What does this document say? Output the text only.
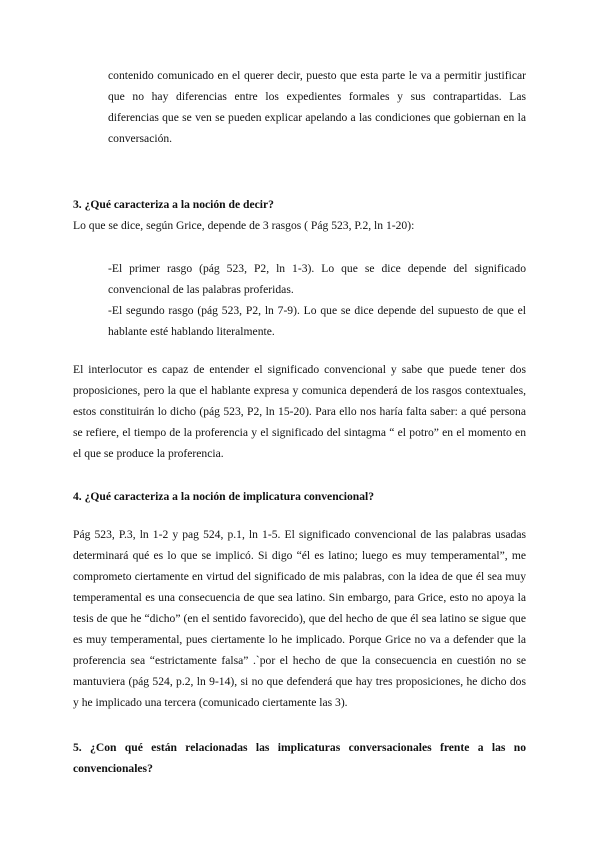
contenido comunicado en el querer decir, puesto que esta parte le va a permitir justificar que no hay diferencias entre los expedientes formales y sus contrapartidas. Las diferencias que se ven se pueden explicar apelando a las condiciones que gobiernan en la conversación.

3. ¿Qué caracteriza a la noción de decir?

Lo que se dice, según Grice, depende de 3 rasgos ( Pág 523, P.2, ln 1-20):

-El primer rasgo (pág 523, P2, ln 1-3). Lo que se dice depende del significado convencional de las palabras proferidas.

-El segundo rasgo (pág 523, P2, ln 7-9). Lo que se dice depende del supuesto de que el hablante esté hablando literalmente.

El interlocutor es capaz de entender el significado convencional y sabe que puede tener dos proposiciones, pero la que el hablante expresa y comunica dependerá de los rasgos contextuales, estos constituirán lo dicho (pág 523, P2, ln 15-20). Para ello nos haría falta saber: a qué persona se refiere, el tiempo de la proferencia y el significado del sintagma “ el potro” en el momento en el que se produce la proferencia.

4. ¿Qué caracteriza a la noción de implicatura convencional?

Pág 523, P.3, ln 1-2 y pag 524, p.1, ln 1-5. El significado convencional de las palabras usadas determinará qué es lo que se implicó. Si digo “él es latino; luego es muy temperamental”, me comprometo ciertamente en virtud del significado de mis palabras, con la idea de que él sea muy temperamental es una consecuencia de que sea latino. Sin embargo, para Grice, esto no apoya la tesis de que he “dicho” (en el sentido favorecido), que del hecho de que él sea latino se sigue que es muy temperamental, pues ciertamente lo he implicado. Porque Grice no va a defender que la proferencia sea “estrictamente falsa” .`por el hecho de que la consecuencia en cuestión no se mantuviera (pág 524, p.2, ln 9-14), si no que defenderá que hay tres proposiciones, he dicho dos y he implicado una tercera (comunicado ciertamente las 3).

5. ¿Con qué están relacionadas las implicaturas conversacionales frente a las no convencionales?
